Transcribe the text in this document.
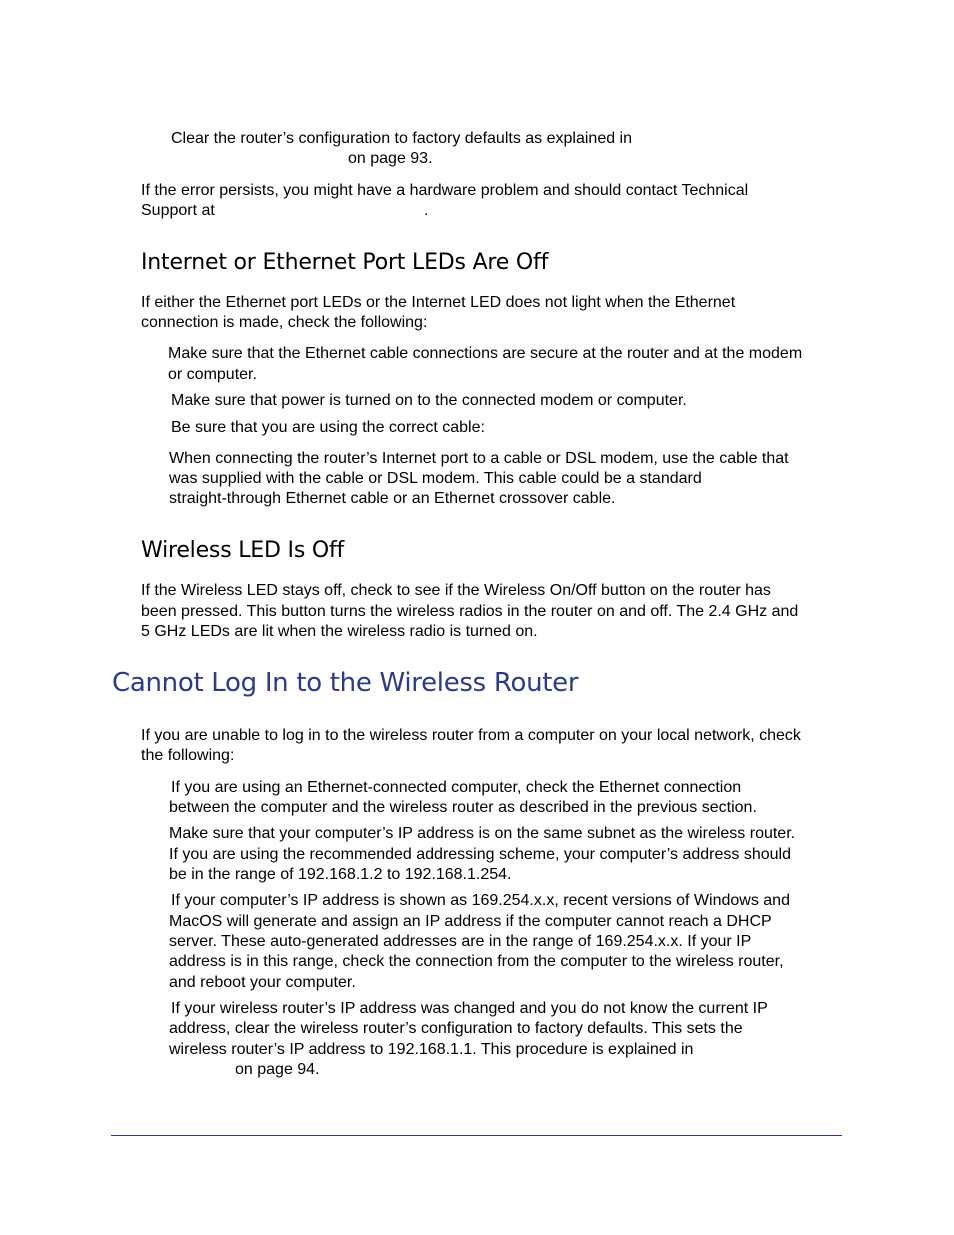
Clear the router’s configuration to factory defaults as explained in

on page 93.

If the error persists, you might have a hardware problem and should contact Technical

Support at	.

Internet or Ethernet Port LEDs Are Off

If either the Ethernet port LEDs or the Internet LED does not light when the Ethernet

connection is made, check the following:

Make sure that the Ethernet cable connections are secure at the router and at the modem

or computer.

Make sure that power is turned on to the connected modem or computer.

Be sure that you are using the correct cable:

When connecting the router’s Internet port to a cable or DSL modem, use the cable that

was supplied with the cable or DSL modem. This cable could be a standard

straight-through Ethernet cable or an Ethernet crossover cable.

Wireless LED Is Off

If the Wireless LED stays off, check to see if the Wireless On/Off button on the router has

been pressed. This button turns the wireless radios in the router on and off. The 2.4 GHz and

5 GHz LEDs are lit when the wireless radio is turned on.

Cannot Log In to the Wireless Router

If you are unable to log in to the wireless router from a computer on your local network, check

the following:

If you are using an Ethernet-connected computer, check the Ethernet connection

between the computer and the wireless router as described in the previous section.

Make sure that your computer’s IP address is on the same subnet as the wireless router.

If you are using the recommended addressing scheme, your computer’s address should

be in the range of 192.168.1.2 to 192.168.1.254.

If your computer’s IP address is shown as 169.254.x.x, recent versions of Windows and

MacOS will generate and assign an IP address if the computer cannot reach a DHCP

server. These auto-generated addresses are in the range of 169.254.x.x. If your IP

address is in this range, check the connection from the computer to the wireless router,

and reboot your computer.

If your wireless router’s IP address was changed and you do not know the current IP

address, clear the wireless router’s configuration to factory defaults. This sets the

wireless router’s IP address to 192.168.1.1. This procedure is explained in

on page 94.
